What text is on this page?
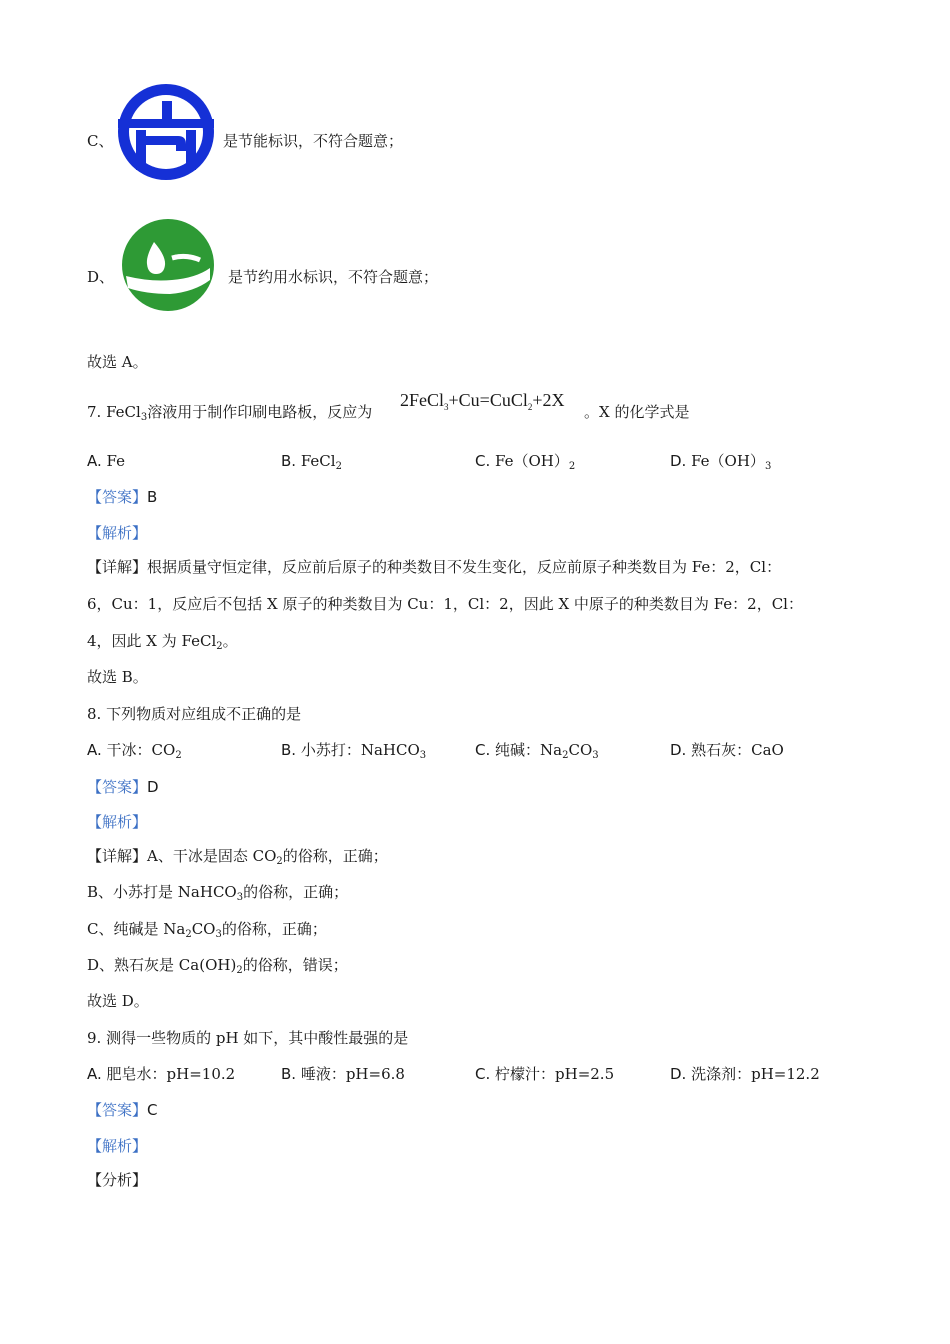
C、	是节能标识，不符合题意；
D、	是节约用水标识，不符合题意；
故选 A。
7. FeCl$_3$溶液用于制作印刷电路板，反应为
2FeCl$_3$+Cu=CuCl$_2$+2X
。X 的化学式是
A. Fe	B. FeCl$_2$	C. $Fe(OH)_2$	D. $Fe(OH)_3$
【答案】B
【解析】
【详解】根据质量守恒定律，反应前后原子的种类数目不发生变化，反应前原子种类数目为 Fe：2，Cl：
6，Cu：1，反应后不包括 X 原子的种类数目为 Cu：1，Cl：2，因此 X 中原子的种类数目为 Fe：2，Cl：
4，因此 X 为 FeCl$_2$。
故选 B。
8. 下列物质对应组成不正确的是
A. 干冰：$CO_2$	B. 小苏打：NaHCO$_3$	C. 纯碱：$Na_2CO_3$	D. 熟石灰：CaO
【答案】D
【解析】
【详解】A、干冰是固态 $CO_2$的俗称，正确；
B、小苏打是 NaHCO$_3$的俗称，正确；
C、纯碱是 $Na_2CO_3$的俗称，正确；
D、熟石灰是 $Ca(OH)_2$的俗称，错误；
故选 D。
9. 测得一些物质的 pH 如下，其中酸性最强的是
A. 肥皂水：pH=10.2	B. 唾液：pH=6.8	C. 柠檬汁：pH=2.5	D. 洗涤剂：pH=12.2
【答案】C
【解析】
【分析】
